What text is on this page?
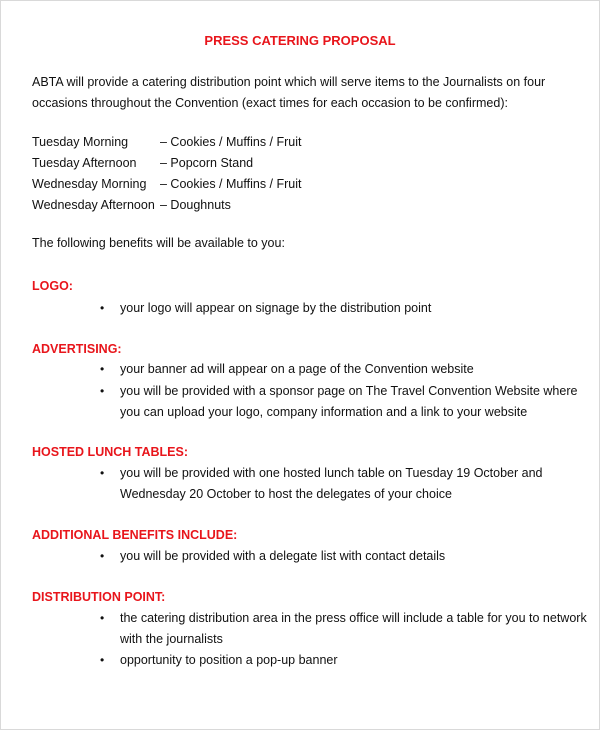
PRESS CATERING PROPOSAL
ABTA will provide a catering distribution point which will serve items to the Journalists on four occasions throughout the Convention (exact times for each occasion to be confirmed):
Tuesday Morning	– Cookies / Muffins / Fruit
Tuesday Afternoon – Popcorn Stand
Wednesday Morning – Cookies / Muffins / Fruit
Wednesday Afternoon – Doughnuts
The following benefits will be available to you:
LOGO:
• your logo will appear on signage by the distribution point
ADVERTISING:
• your banner ad will appear on a page of the Convention website
• you will be provided with a sponsor page on The Travel Convention Website where you can upload your logo, company information and a link to your website
HOSTED LUNCH TABLES:
• you will be provided with one hosted lunch table on Tuesday 19 October and Wednesday 20 October to host the delegates of your choice
ADDITIONAL BENEFITS INCLUDE:
• you will be provided with a delegate list with contact details
DISTRIBUTION POINT:
• the catering distribution area in the press office will include a table for you to network with the journalists
• opportunity to position a pop-up banner
